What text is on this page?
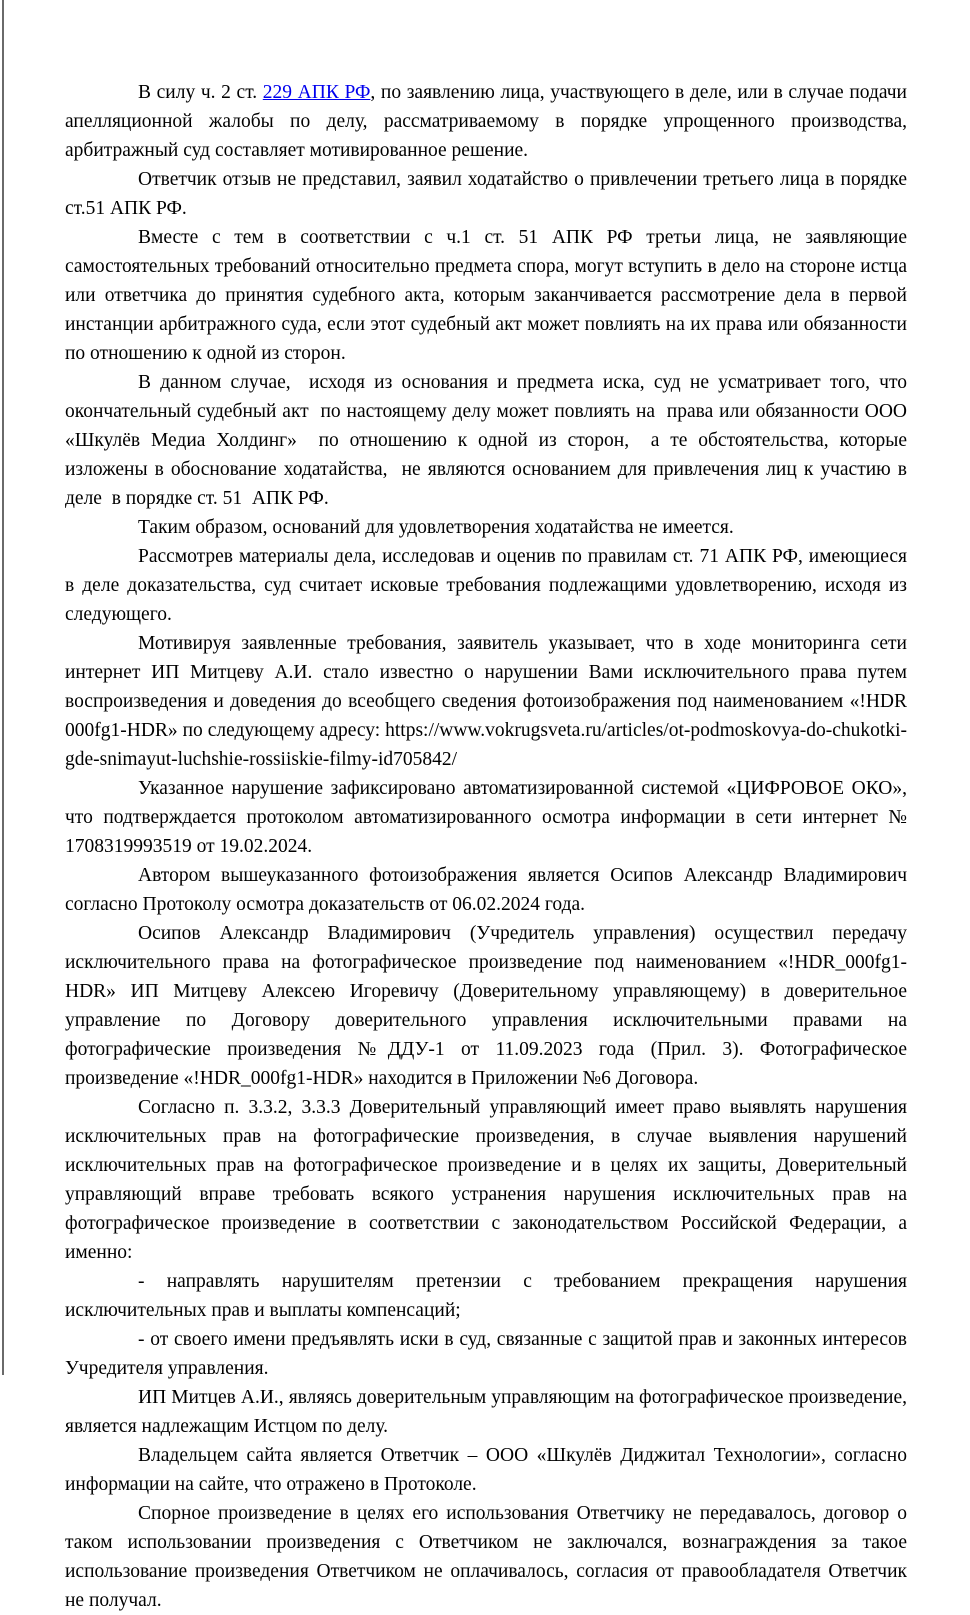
В силу ч. 2 ст. 229 АПК РФ, по заявлению лица, участвующего в деле, или в случае подачи апелляционной жалобы по делу, рассматриваемому в порядке упрощенного производства, арбитражный суд составляет мотивированное решение.

Ответчик отзыв не представил, заявил ходатайство о привлечении третьего лица в порядке ст.51 АПК РФ.

Вместе с тем в соответствии с ч.1 ст. 51 АПК РФ третьи лица, не заявляющие самостоятельных требований относительно предмета спора, могут вступить в дело на стороне истца или ответчика до принятия судебного акта, которым заканчивается рассмотрение дела в первой инстанции арбитражного суда, если этот судебный акт может повлиять на их права или обязанности по отношению к одной из сторон.

В данном случае,  исходя из основания и предмета иска, суд не усматривает того, что окончательный судебный акт  по настоящему делу может повлиять на  права или обязанности ООО «Шкулёв Медиа Холдинг»  по отношению к одной из сторон,  а те обстоятельства, которые изложены в обоснование ходатайства,  не являются основанием для привлечения лиц к участию в деле  в порядке ст. 51  АПК РФ.

Таким образом, оснований для удовлетворения ходатайства не имеется.

Рассмотрев материалы дела, исследовав и оценив по правилам ст. 71 АПК РФ, имеющиеся в деле доказательства, суд считает исковые требования подлежащими удовлетворению, исходя из следующего.

Мотивируя заявленные требования, заявитель указывает, что в ходе мониторинга сети интернет ИП Митцеву А.И. стало известно о нарушении Вами исключительного права путем воспроизведения и доведения до всеобщего сведения фотоизображения под наименованием «!HDR 000fg1-HDR» по следующему адресу: https://www.vokrugsveta.ru/articles/ot-podmoskovya-do-chukotki-gde-snimayut-luchshie-rossiiskie-filmy-id705842/

Указанное нарушение зафиксировано автоматизированной системой «ЦИФРОВОЕ ОКО», что подтверждается протоколом автоматизированного осмотра информации в сети интернет № 1708319993519 от 19.02.2024.

Автором вышеуказанного фотоизображения является Осипов Александр Владимирович согласно Протоколу осмотра доказательств от 06.02.2024 года.

Осипов Александр Владимирович (Учредитель управления) осуществил передачу исключительного права на фотографическое произведение под наименованием «!HDR_000fg1-HDR» ИП Митцеву Алексею Игоревичу (Доверительному управляющему) в доверительное управление по Договору доверительного управления исключительными правами на фотографические произведения №ДДУ-1 от 11.09.2023 года (Прил. 3). Фотографическое произведение «!HDR_000fg1-HDR» находится в Приложении №6 Договора.

Согласно п. 3.3.2, 3.3.3 Доверительный управляющий имеет право выявлять нарушения исключительных прав на фотографические произведения, в случае выявления нарушений исключительных прав на фотографическое произведение и в целях их защиты, Доверительный управляющий вправе требовать всякого устранения нарушения исключительных прав на фотографическое произведение в соответствии с законодательством Российской Федерации, а именно:

- направлять нарушителям претензии с требованием прекращения нарушения исключительных прав и выплаты компенсаций;

- от своего имени предъявлять иски в суд, связанные с защитой прав и законных интересов Учредителя управления.

ИП Митцев А.И., являясь доверительным управляющим на фотографическое произведение, является надлежащим Истцом по делу.

Владельцем сайта является Ответчик – ООО «Шкулёв Диджитал Технологии», согласно информации на сайте, что отражено в Протоколе.

Спорное произведение в целях его использования Ответчику не передавалось, договор о таком использовании произведения с Ответчиком не заключался, вознаграждения за такое использование произведения Ответчиком не оплачивалось, согласия от правообладателя Ответчик не получал.
